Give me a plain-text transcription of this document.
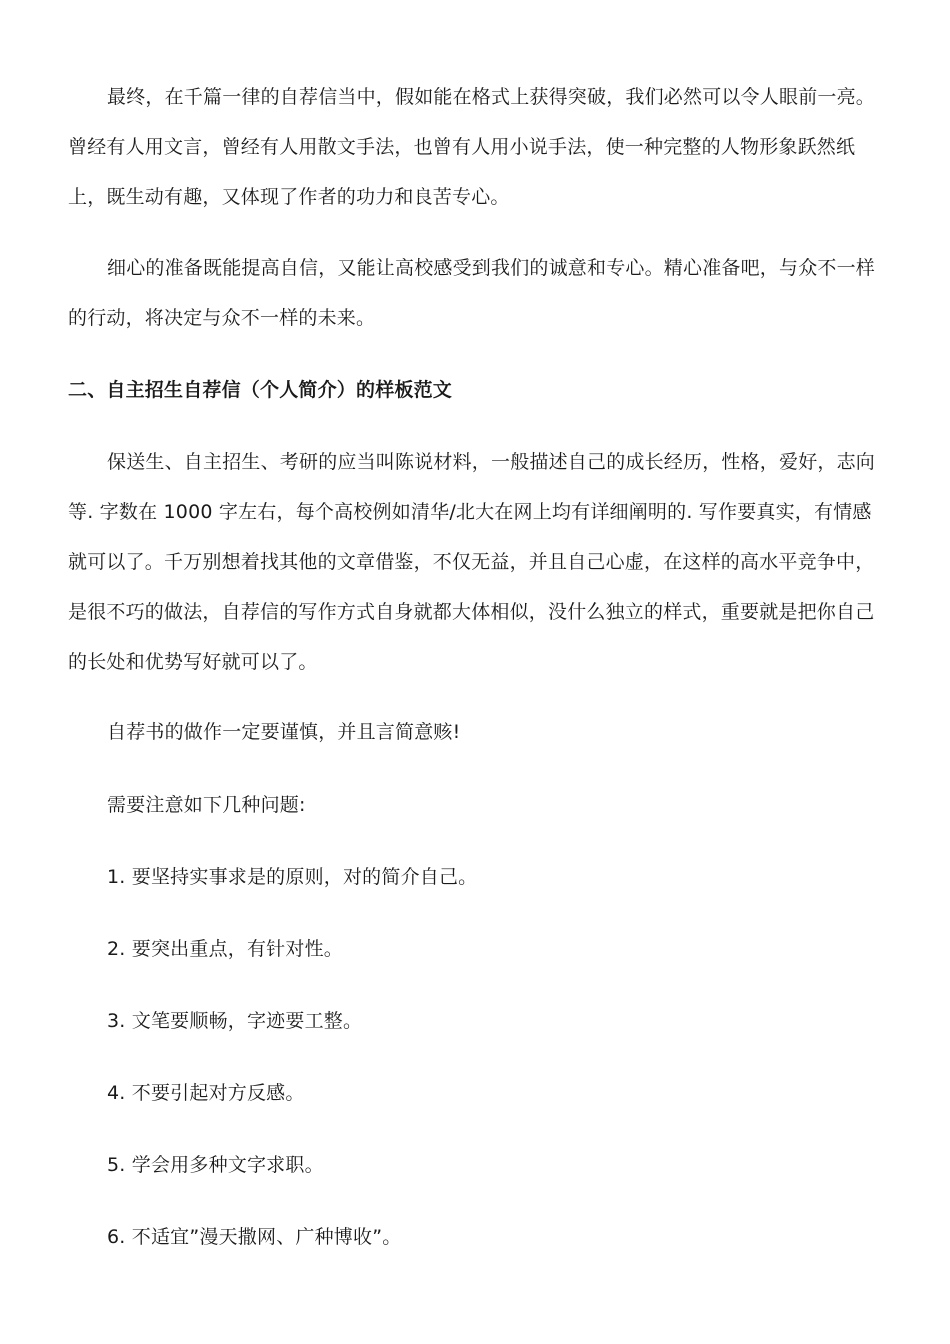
最终，在千篇一律的自荐信当中，假如能在格式上获得突破，我们必然可以令人眼前一亮。曾经有人用文言，曾经有人用散文手法，也曾有人用小说手法，使一种完整的人物形象跃然纸上，既生动有趣，又体现了作者的功力和良苦专心。

细心的准备既能提高自信，又能让高校感受到我们的诚意和专心。精心准备吧，与众不一样的行动，将决定与众不一样的未来。

二、自主招生自荐信（个人简介）的样板范文

保送生、自主招生、考研的应当叫陈说材料，一般描述自己的成长经历，性格，爱好，志向等. 字数在 1000 字左右，每个高校例如清华/北大在网上均有详细阐明的. 写作要真实，有情感就可以了。千万别想着找其他的文章借鉴，不仅无益，并且自己心虚，在这样的高水平竞争中，是很不巧的做法，自荐信的写作方式自身就都大体相似，没什么独立的样式，重要就是把你自己的长处和优势写好就可以了。

自荐书的做作一定要谨慎，并且言简意赅!

需要注意如下几种问题:

1. 要坚持实事求是的原则，对的简介自己。

2. 要突出重点，有针对性。

3. 文笔要顺畅，字迹要工整。

4. 不要引起对方反感。

5. 学会用多种文字求职。

6. 不适宜”漫天撒网、广种博收”。
